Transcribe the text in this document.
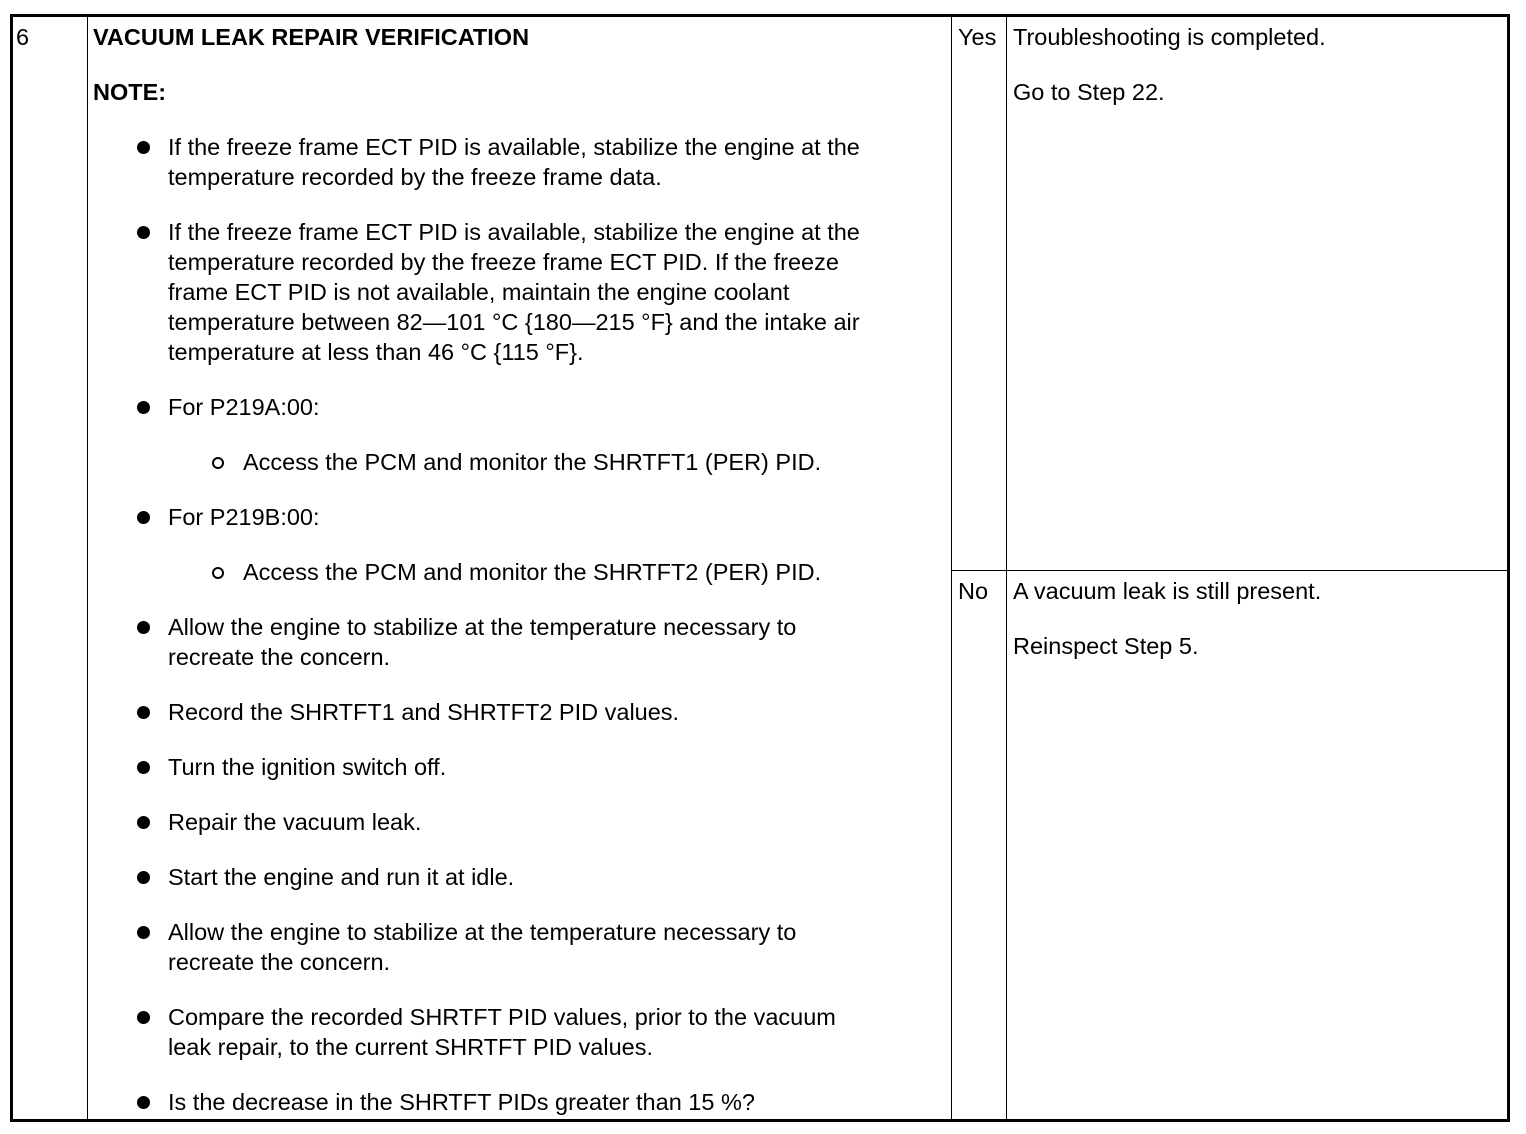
6	VACUUM LEAK REPAIR VERIFICATION
NOTE:
If the freeze frame ECT PID is available, stabilize the engine at the
temperature recorded by the freeze frame data.
If the freeze frame ECT PID is available, stabilize the engine at the
temperature recorded by the freeze frame ECT PID. If the freeze
frame ECT PID is not available, maintain the engine coolant
temperature between 82—101 °C {180—215 °F} and the intake air
temperature at less than 46 °C {115 °F}.
For P219A:00:
Access the PCM and monitor the SHRTFT1 (PER) PID.
For P219B:00:
Access the PCM and monitor the SHRTFT2 (PER) PID.
Allow the engine to stabilize at the temperature necessary to
recreate the concern.
Record the SHRTFT1 and SHRTFT2 PID values.
Turn the ignition switch off.
Repair the vacuum leak.
Start the engine and run it at idle.
Allow the engine to stabilize at the temperature necessary to
recreate the concern.
Compare the recorded SHRTFT PID values, prior to the vacuum
leak repair, to the current SHRTFT PID values.
Is the decrease in the SHRTFT PIDs greater than 15 %?
Yes Troubleshooting is completed.
Go to Step 22.
No A vacuum leak is still present.
Reinspect Step 5.
